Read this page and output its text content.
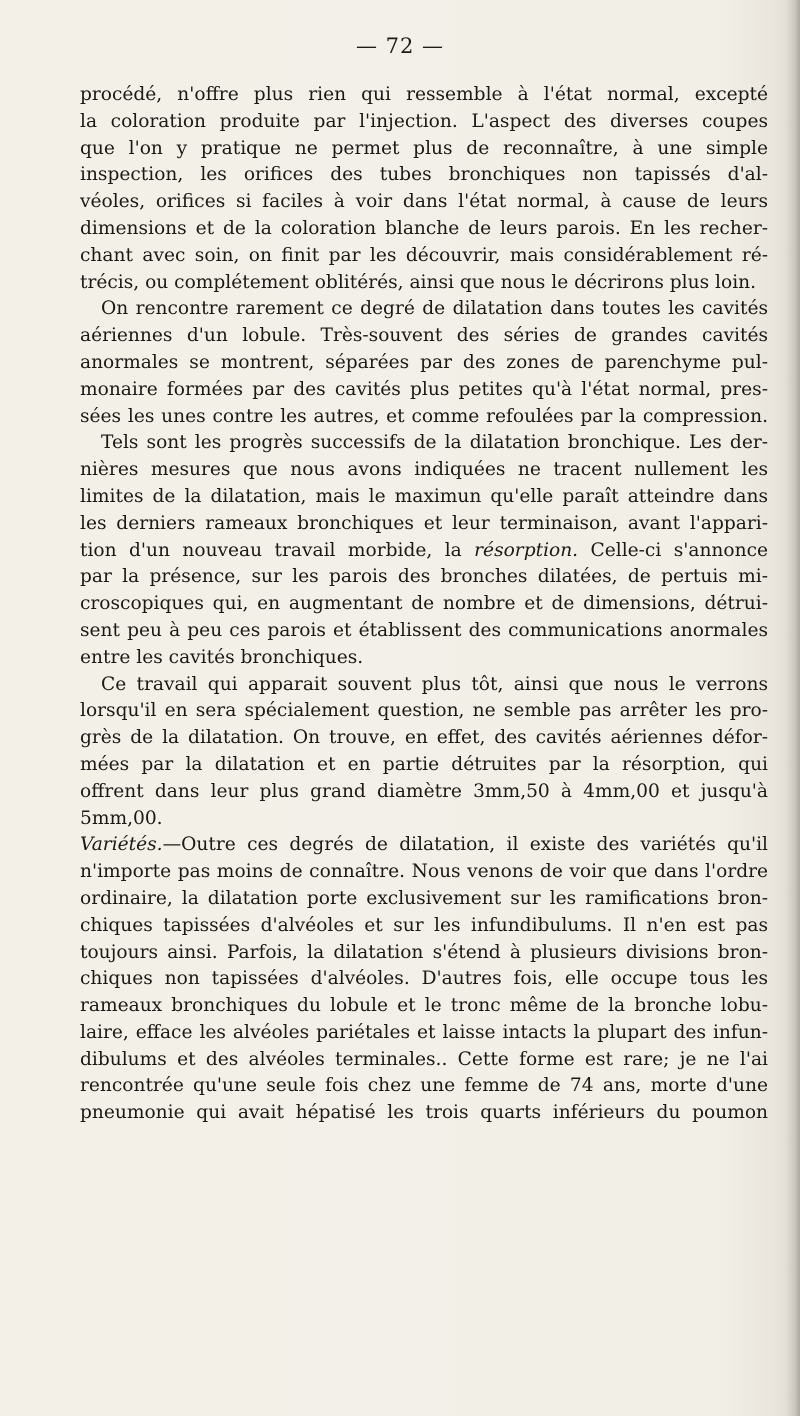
— 72 —

procédé, n'offre plus rien qui ressemble à l'état normal, excepté
la coloration produite par l'injection. L'aspect des diverses coupes
que l'on y pratique ne permet plus de reconnaître, à une simple
inspection, les orifices des tubes bronchiques non tapissés d'al-
véoles, orifices si faciles à voir dans l'état normal, à cause de leurs
dimensions et de la coloration blanche de leurs parois. En les recher-
chant avec soin, on finit par les découvrir, mais considérablement ré-
trécis, ou complétement oblitérés, ainsi que nous le décrirons plus loin.

On rencontre rarement ce degré de dilatation dans toutes les cavités
aériennes d'un lobule. Très-souvent des séries de grandes cavités
anormales se montrent, séparées par des zones de parenchyme pul-
monaire formées par des cavités plus petites qu'à l'état normal, pres-
sées les unes contre les autres, et comme refoulées par la compression.

Tels sont les progrès successifs de la dilatation bronchique. Les der-
nières mesures que nous avons indiquées ne tracent nullement les
limites de la dilatation, mais le maximun qu'elle paraît atteindre dans
les derniers rameaux bronchiques et leur terminaison, avant l'appari-
tion d'un nouveau travail morbide, la résorption. Celle-ci s'annonce
par la présence, sur les parois des bronches dilatées, de pertuis mi-
croscopiques qui, en augmentant de nombre et de dimensions, détrui-
sent peu à peu ces parois et établissent des communications anormales
entre les cavités bronchiques.

Ce travail qui apparait souvent plus tôt, ainsi que nous le verrons
lorsqu'il en sera spécialement question, ne semble pas arrêter les pro-
grès de la dilatation. On trouve, en effet, des cavités aériennes défor-
mées par la dilatation et en partie détruites par la résorption, qui
offrent dans leur plus grand diamètre 3mm,50 à 4mm,00 et jusqu'à
5mm,00.

Variétés.—Outre ces degrés de dilatation, il existe des variétés qu'il
n'importe pas moins de connaître. Nous venons de voir que dans l'ordre
ordinaire, la dilatation porte exclusivement sur les ramifications bron-
chiques tapissées d'alvéoles et sur les infundibulums. Il n'en est pas
toujours ainsi. Parfois, la dilatation s'étend à plusieurs divisions bron-
chiques non tapissées d'alvéoles. D'autres fois, elle occupe tous les
rameaux bronchiques du lobule et le tronc même de la bronche lobu-
laire, efface les alvéoles pariétales et laisse intacts la plupart des infun-
dibulums et des alvéoles terminales.. Cette forme est rare; je ne l'ai
rencontrée qu'une seule fois chez une femme de 74 ans, morte d'une
pneumonie qui avait hépatisé les trois quarts inférieurs du poumon
